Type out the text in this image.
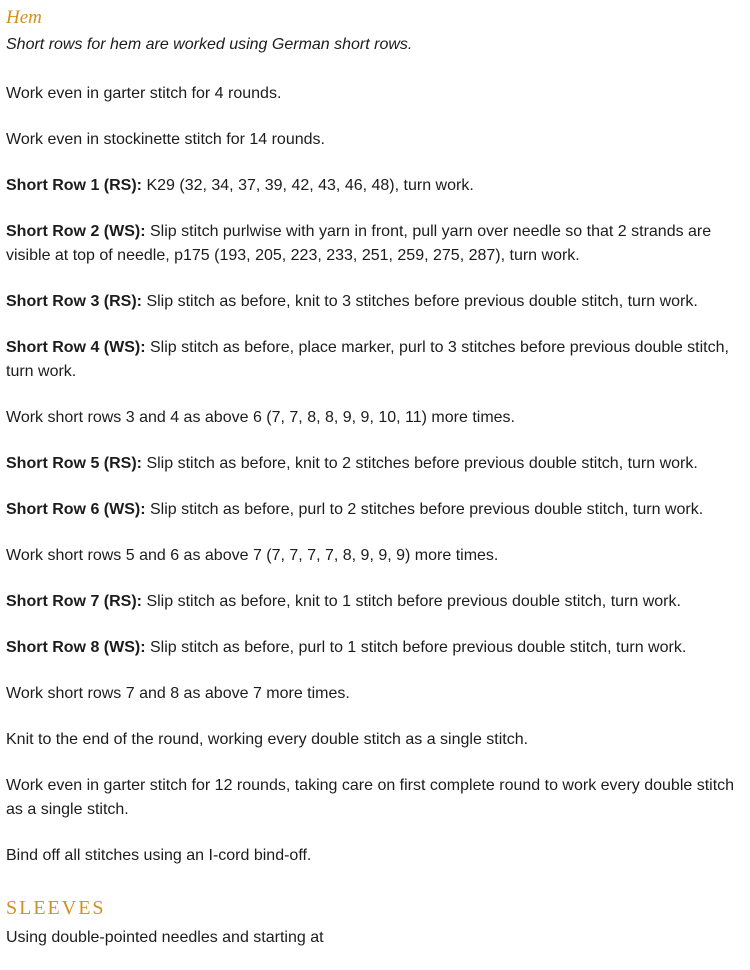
Hem
Short rows for hem are worked using German short rows.

Work even in garter stitch for 4 rounds.

Work even in stockinette stitch for 14 rounds.

Short Row 1 (RS): K29 (32, 34, 37, 39, 42, 43, 46, 48), turn work.

Short Row 2 (WS): Slip stitch purlwise with yarn in front, pull yarn over needle so that 2 strands are visible at top of needle, p175 (193, 205, 223, 233, 251, 259, 275, 287), turn work.

Short Row 3 (RS): Slip stitch as before, knit to 3 stitches before previous double stitch, turn work.

Short Row 4 (WS): Slip stitch as before, place marker, purl to 3 stitches before previous double stitch, turn work.

Work short rows 3 and 4 as above 6 (7, 7, 8, 8, 9, 9, 10, 11) more times.

Short Row 5 (RS): Slip stitch as before, knit to 2 stitches before previous double stitch, turn work.

Short Row 6 (WS): Slip stitch as before, purl to 2 stitches before previous double stitch, turn work.

Work short rows 5 and 6 as above 7 (7, 7, 7, 7, 8, 9, 9, 9) more times.

Short Row 7 (RS): Slip stitch as before, knit to 1 stitch before previous double stitch, turn work.

Short Row 8 (WS): Slip stitch as before, purl to 1 stitch before previous double stitch, turn work.

Work short rows 7 and 8 as above 7 more times.

Knit to the end of the round, working every double stitch as a single stitch.

Work even in garter stitch for 12 rounds, taking care on first complete round to work every double stitch as a single stitch.

Bind off all stitches using an I-cord bind-off.

SLEEVES
Using double-pointed needles and starting at
